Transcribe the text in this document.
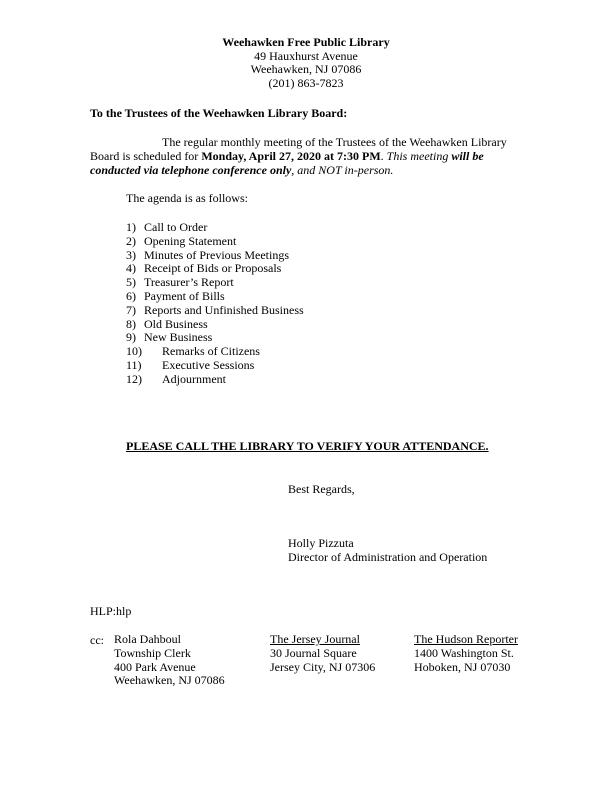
Weehawken Free Public Library
49 Hauxhurst Avenue
Weehawken, NJ 07086
(201) 863-7823
To the Trustees of the Weehawken Library Board:
The regular monthly meeting of the Trustees of the Weehawken Library Board is scheduled for Monday, April 27, 2020 at 7:30 PM. This meeting will be conducted via telephone conference only, and NOT in-person.
The agenda is as follows:
1) Call to Order
2) Opening Statement
3) Minutes of Previous Meetings
4) Receipt of Bids or Proposals
5) Treasurer’s Report
6) Payment of Bills
7) Reports and Unfinished Business
8) Old Business
9) New Business
10) Remarks of Citizens
11) Executive Sessions
12) Adjournment
PLEASE CALL THE LIBRARY TO VERIFY YOUR ATTENDANCE.
Best Regards,
Holly Pizzuta
Director of Administration and Operation
HLP:hlp
cc: Rola Dahboul
Township Clerk
400 Park Avenue
Weehawken, NJ 07086
The Jersey Journal
30 Journal Square
Jersey City, NJ 07306
The Hudson Reporter
1400 Washington St.
Hoboken, NJ 07030
